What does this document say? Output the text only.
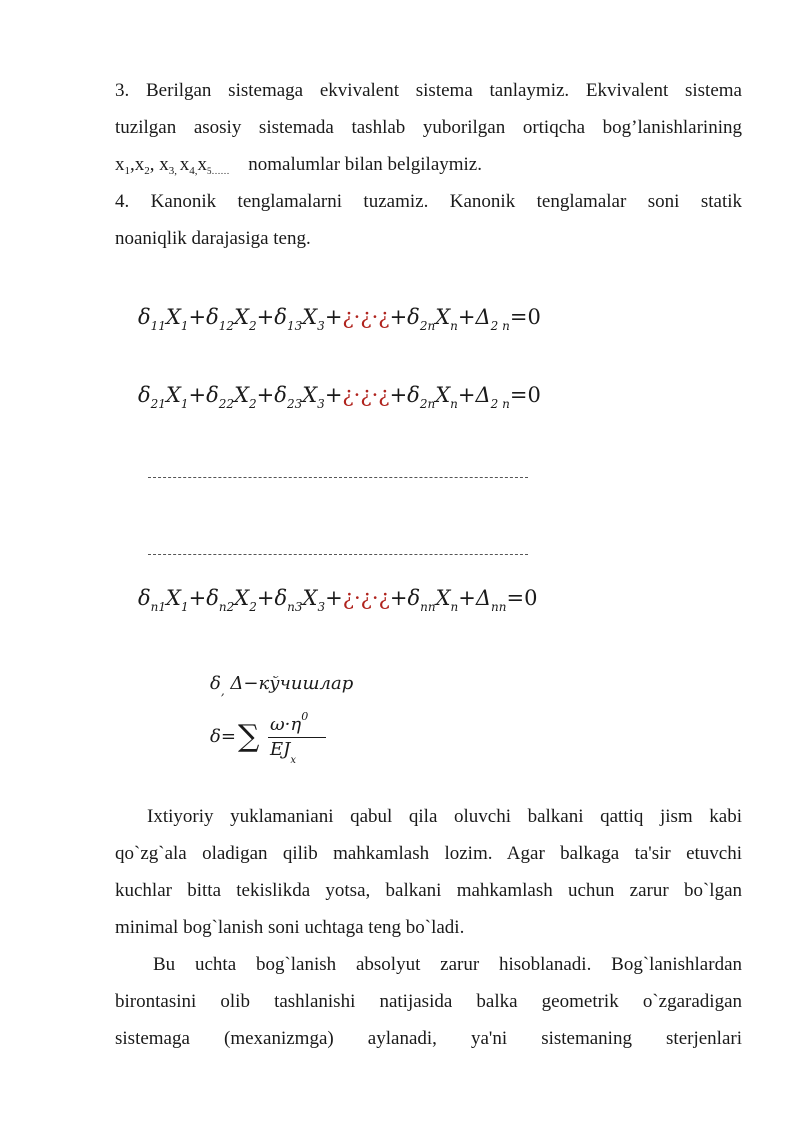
3. Berilgan sistemaga ekvivalent sistema tanlaymiz. Ekvivalent sistema
tuzilgan asosiy sistemada tashlab yuborilgan ortiqcha bog’lanishlarining
$x_1,x_2$, $x_{3,}$ $x_{4,}x_{5\dots\dots}$ nomalumlar bilan belgilaymiz.
4. Kanonik tenglamalarni tuzamiz. Kanonik tenglamalar soni statik
noaniqlik darajasiga teng.
$\delta_{11}X_1+\delta_{12}X_2+\delta_{13}X_3+¿\cdot¿\cdot¿+\delta_{2n}X_n+\Delta_{2 n}=0$
$\delta_{21}X_1+\delta_{22}X_2+\delta_{23}X_3+¿\cdot¿\cdot¿+\delta_{2n}X_n+\Delta_{2 n}=0$
$\delta_{n1}X_1+\delta_{n2}X_2+\delta_{n3}X_3+¿\cdot¿\cdot¿+\delta_{nn}X_n+\Delta_{nn}=0$
$\delta_,$ Δ−кўчишлар
δ= ∑ $\omega\cdot\eta^0$
$EJ_x$
Ixtiyoriy yuklamaniani qabul qila oluvchi balkani qattiq jism kabi
qo`zg`ala oladigan qilib mahkamlash lozim. Agar balkaga ta'sir etuvchi
kuchlar bitta tekislikda yotsa, balkani mahkamlash uchun zarur bo`lgan
minimal bog`lanish soni uchtaga teng bo`ladi.
Bu uchta bog`lanish absolyut zarur hisoblanadi. Bog`lanishlardan
birontasini olib tashlanishi natijasida balka geometrik o`zgaradigan
sistemaga (mexanizmga) aylanadi, ya'ni sistemaning sterjenlari
